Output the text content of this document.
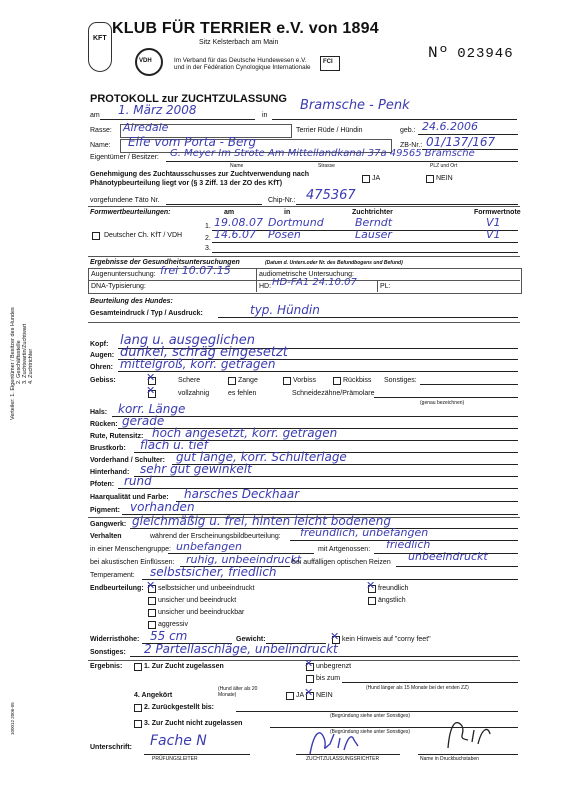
Verteiler: 1. Eigentümer / Besitzer des Hundes 2. Geschäftsstelle 3. Zuchtwartin/Zuchtwart 4. Zuchtrichter
100012 2006-05
KFT
VDH	FCI
KLUB FÜR TERRIER e.V. von 1894
Sitz Kelsterbach am Main
Im Verband für das Deutsche Hundewesen e.V.
und in der Fédération Cynologique Internationale
Nº 023946
PROTOKOLL zur ZUCHTZULASSUNG
am 1. März 2008	in
Bramsche - Penk
Rasse: Airedale	Terrier Rüde / Hündin	geb.: 24.6.2006
Name: Elfe vom Porta - Berg	ZB-Nr.: 01/137/167
Eigentümer / Besitzer: G. Meyer Im Strote Am Mittellandkanal 37a 49565 Bramsche
Name	Strasse	PLZ und Ort
Genehmigung des Zuchtausschusses zur Zuchtverwendung nach
Phänotypbeurteilung liegt vor (§ 3 Ziff. 13 der ZO des KfT)
JA	NEIN
vorgefundene Täto Nr.	Chip-Nr.: 475367
Formwertbeurteilungen:	am	in	Zuchtrichter	Formwertnote
Deutscher Ch. KfT / VDH
1. 19.08.07 Dortmund	Berndt	V1
2. 14.6.07 Posen	Lauser	V1
3.
Ergebnisse der Gesundheitsuntersuchungen	(Datum d. Unters.oder Nr. des Befundbogens und Befund)
Augenuntersuchung: frei 10.07.15	audiometrische Untersuchung:
DNA-Typisierung:	HD: HD-FA1 24.10.07	PL:
Beurteilung des Hundes:
Gesamteindruck / Typ / Ausdruck:	typ. Hündin
Kopf: lang u. ausgeglichen
Augen: dunkel, schräg eingesetzt
Ohren: mittelgroß, korr. getragen
Gebiss:	✕	Schere	Zange	Vorbiss	Rückbiss Sonstiges:
✕	vollzahnig	es fehlen	Schneidezähne/Prämolare
(genau bezeichnen)
Hals: korr. Länge
Rücken: gerade
Rute, Rutensitz: hoch angesetzt, korr. getragen
Brustkorb: flach u. tief
Vorderhand / Schulter: gut lange, korr. Schulterlage
Hinterhand: sehr gut gewinkelt
Pfoten: rund
Haarqualität und Farbe: harsches Deckhaar
Pigment: vorhanden
Gangwerk: gleichmäßig u. frei, hinten leicht bodeneng
Verhalten	während der Erscheinungsbildbeurteilung: freundlich, unbefangen
in einer Menschengruppe: unbefangen	mit Artgenossen: friedlich
bei akustischen Einflüssen: ruhig, unbeeindruckt
bei auffälligen optischen Reizen unbeeindruckt
Temperament: selbstsicher, friedlich
Endbeurteilung: ✕ selbstsicher und unbeeindruckt	✕ freundlich
unsicher und beeindruckt	ängstlich
unsicher und beeindruckbar
aggressiv
Widerristhöhe: 55 cm	Gewicht:	✕ kein Hinweis auf "corny feet"
Sonstiges: 2 Partellaschläge, unbelindruckt
Ergebnis:	1. Zur Zucht zugelassen	✕ unbegrenzt
bis zum
(Hund länger als 15 Monate bei der ersten ZZ)
4. Angekört
(Hund älter als 20 Monate)	JA ✕ NEIN
2. Zurückgestellt bis:
(Begründung siehe unter Sonstiges)
3. Zur Zucht nicht zugelassen
(Begründung siehe unter Sonstiges)
Unterschrift:
PRÜFUNGSLEITER	ZUCHTZULASSUNGSRICHTER	Name in Druckbuchstaben
Fache N
